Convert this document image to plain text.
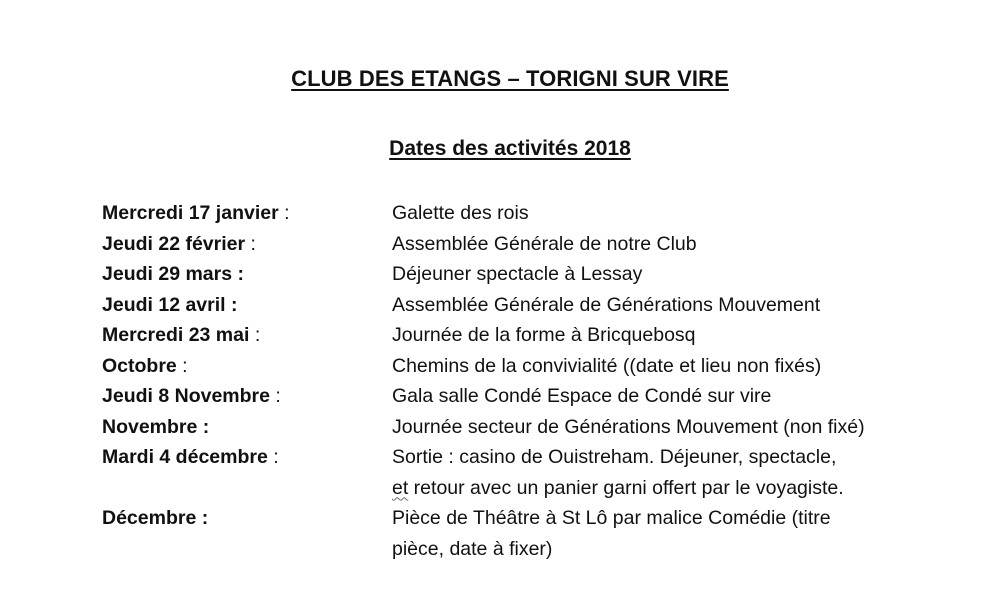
CLUB DES ETANGS – TORIGNI SUR VIRE
Dates des activités 2018
Mercredi 17 janvier :	Galette des rois
Jeudi 22 février :	Assemblée Générale de notre Club
Jeudi 29 mars :	Déjeuner spectacle à Lessay
Jeudi 12 avril :	Assemblée Générale de Générations Mouvement
Mercredi 23 mai :	Journée de la forme à Bricquebosq
Octobre :	Chemins de la convivialité ((date et lieu non fixés)
Jeudi 8 Novembre :	Gala salle Condé Espace de Condé sur vire
Novembre :	Journée secteur de Générations Mouvement (non fixé)
Mardi 4 décembre :	Sortie : casino de Ouistreham. Déjeuner, spectacle,
et retour avec un panier garni offert par le voyagiste.
Décembre :	Pièce de Théâtre à St Lô par malice Comédie (titre
pièce, date à fixer)
